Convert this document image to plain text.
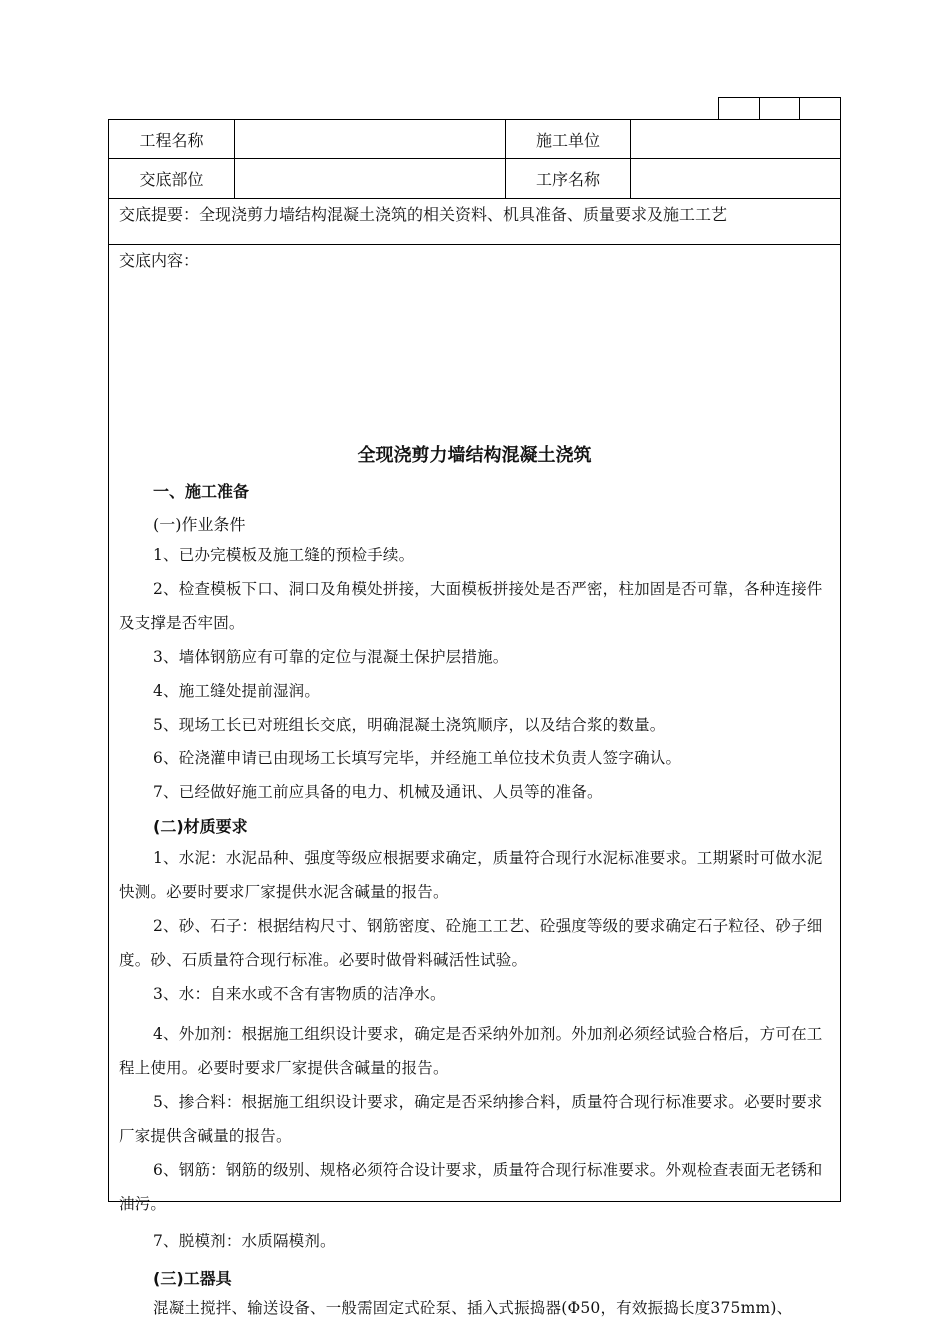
工程名称	施工单位
交底部位	工序名称
交底提要：全现浇剪力墙结构混凝土浇筑的相关资料、机具准备、质量要求及施工工艺
交底内容：
全现浇剪力墙结构混凝土浇筑
一、施工准备
(一)作业条件
1、已办完模板及施工缝的预检手续。
2、检查模板下口、洞口及角模处拼接，大面模板拼接处是否严密，柱加固是否可靠，各种连接件及支撑是否牢固。
3、墙体钢筋应有可靠的定位与混凝土保护层措施。
4、施工缝处提前湿润。
5、现场工长已对班组长交底，明确混凝土浇筑顺序，以及结合浆的数量。
6、砼浇灌申请已由现场工长填写完毕，并经施工单位技术负责人签字确认。
7、已经做好施工前应具备的电力、机械及通讯、人员等的准备。
(二)材质要求
1、水泥：水泥品种、强度等级应根据要求确定，质量符合现行水泥标准要求。工期紧时可做水泥快测。必要时要求厂家提供水泥含碱量的报告。
2、砂、石子：根据结构尺寸、钢筋密度、砼施工工艺、砼强度等级的要求确定石子粒径、砂子细度。砂、石质量符合现行标准。必要时做骨料碱活性试验。
3、水：自来水或不含有害物质的洁净水。
4、外加剂：根据施工组织设计要求，确定是否采纳外加剂。外加剂必须经试验合格后，方可在工程上使用。必要时要求厂家提供含碱量的报告。
5、掺合料：根据施工组织设计要求，确定是否采纳掺合料，质量符合现行标准要求。必要时要求厂家提供含碱量的报告。
6、钢筋：钢筋的级别、规格必须符合设计要求，质量符合现行标准要求。外观检查表面无老锈和油污。
7、脱模剂：水质隔模剂。
(三)工器具
混凝土搅拌、输送设备、一般需固定式砼泵、插入式振捣器(Φ50，有效振捣长度375mm)、
